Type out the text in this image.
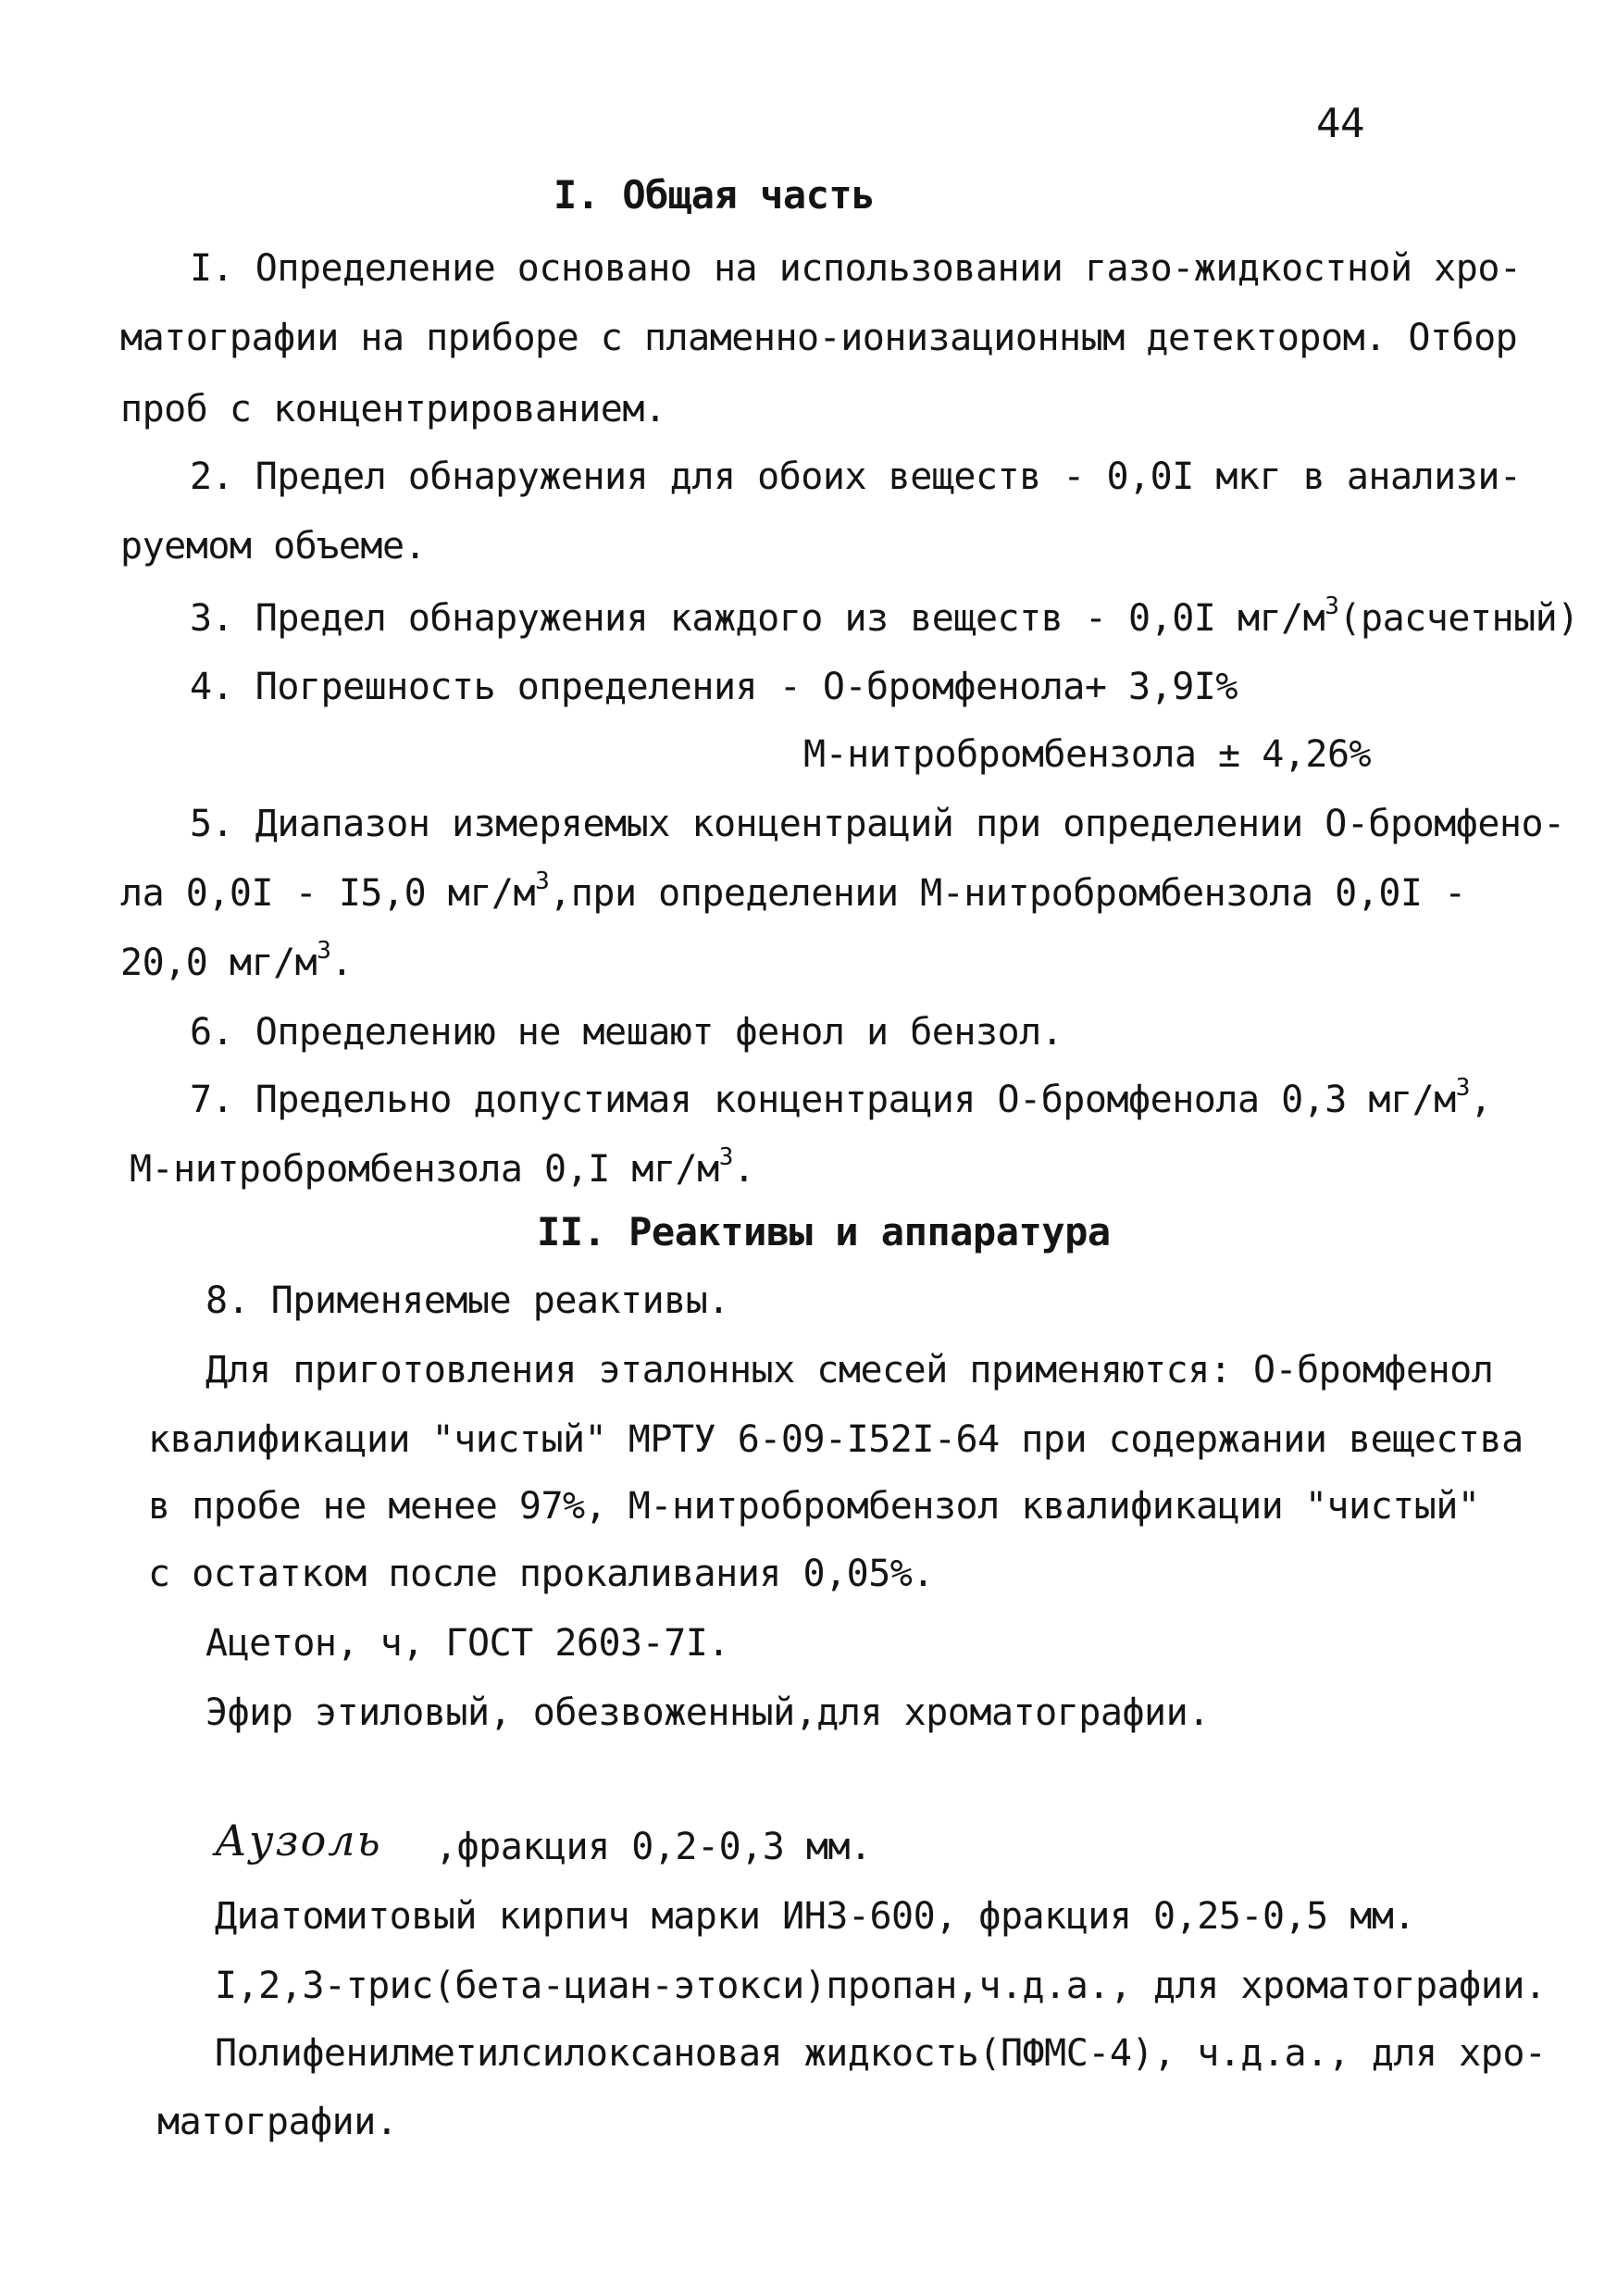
44
I. Общая часть
I. Определение основано на использовании газо-жидкостной хро-
матографии на приборе с пламенно-ионизационным детектором. Отбор
проб с концентрированием.
2. Предел обнаружения для обоих веществ - 0,0I мкг в анализи-
руемом объеме.
3. Предел обнаружения каждого из веществ - 0,0I $мг/м^3(расчетный)$
4. Погрешность определения - О-бромфенола+ 3,9I%
М-нитробромбензола ± 4,26%
5. Диапазон измеряемых концентраций при определении О-бромфено-
ла 0,0I - I5,0 $мг/м^3,при$ определении М-нитробромбензола 0,0I -
20,0 $мг/м^3$.
6. Определению не мешают фенол и бензол.
7. Предельно допустимая концентрация О-бромфенола 0,3 $мг/м^3$,
М-нитробромбензола 0,I $мг/м^3$.
II. Реактивы и аппаратура
8. Применяемые реактивы.
Для приготовления эталонных смесей применяются: О-бромфенол
квалификации "чистый" МРТУ 6-09-I52I-64 при содержании вещества
в пробе не менее 97%, М-нитробромбензол квалификации "чистый"
с остатком после прокаливания 0,05%.
Ацетон, ч, ГОСТ 2603-7I.
Эфир этиловый, обезвоженный,для хроматографии.
Аузоль ,фракция 0,2-0,3 мм.
Диатомитовый кирпич марки ИНЗ-600, фракция 0,25-0,5 мм.
I,2,3-трис(бета-циан-этокси)пропан,ч.д.а., для хроматографии.
Полифенилметилсилоксановая жидкость(ПФМС-4), ч.д.а., для хро-
матографии.
